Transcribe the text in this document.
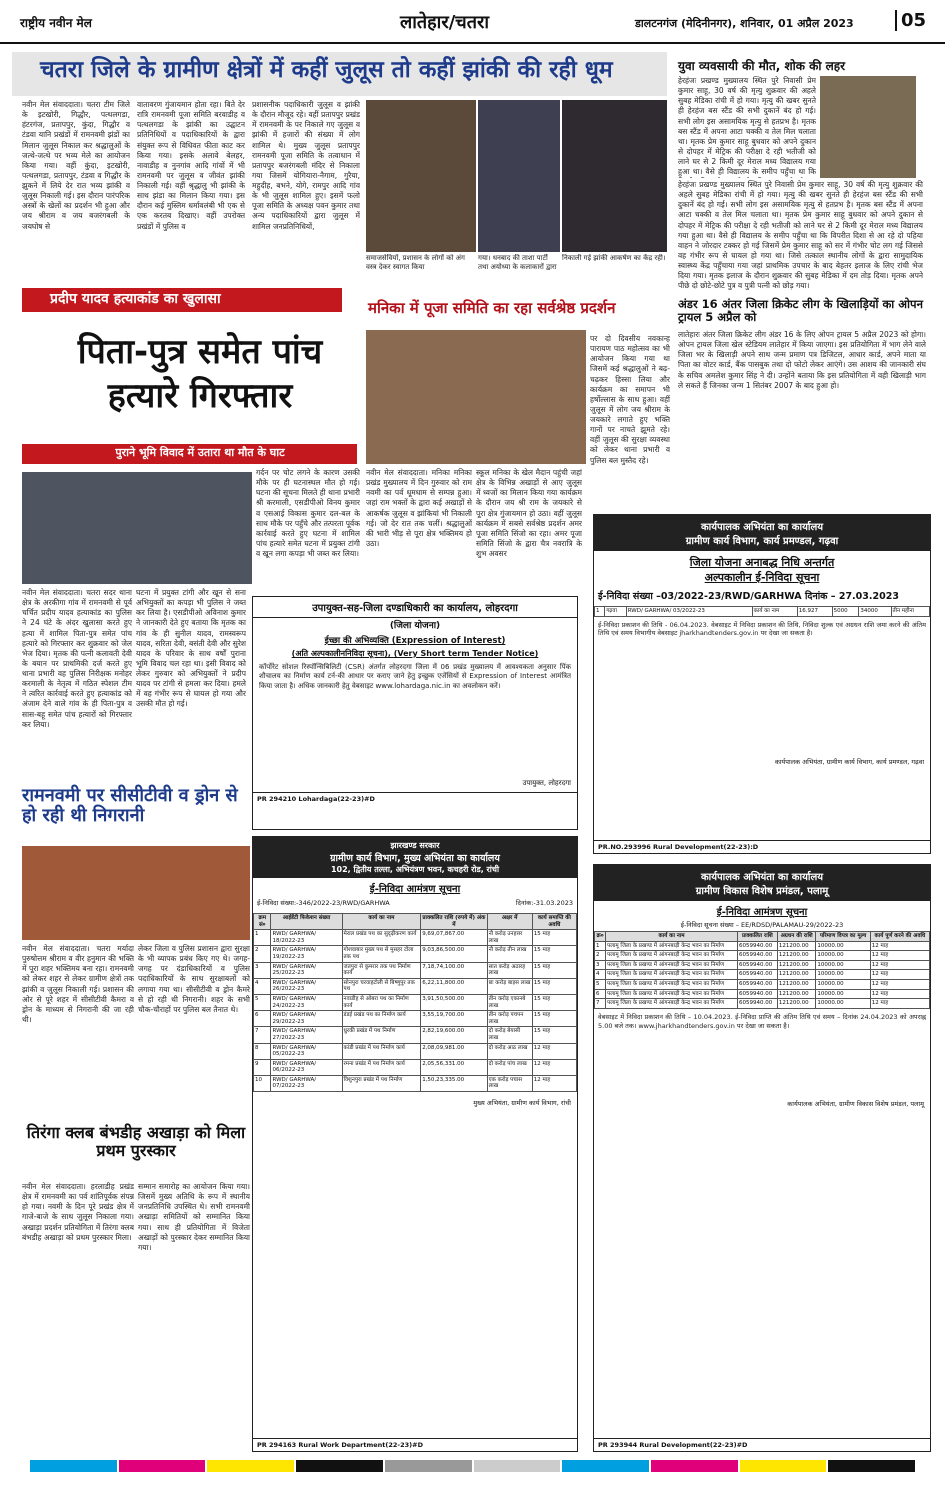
राष्ट्रीय नवीन मेल	लातेहार/चतरा	डालटनगंज (मेदिनीनगर), शनिवार, 01 अप्रैल 2023	05
चतरा जिले के ग्रामीण क्षेत्रों में कहीं जुलूस तो कहीं झांकी की रही धूम
नवीन मेल संवाददाता। चतरा टीम जिले के इटखोरी, गिद्धौर, पत्थलगडा, हंटरगंज, प्रतापपुर, कुंदा, गिद्धौर व टंडवा यानि प्रखंडों में रामनवमी झंडों का मिलान जुलूस निकाल कर श्रद्धालुओं के जत्थे-जत्थे पर भव्य मेले का आयोजन किया गया। वहीं कुंदा, इटखोरी, पत्थलगडा, प्रतापपुर, टंडवा व गिद्धौर के झुकने में लिये देर रात भव्य झांकी व जुलूस निकाली गई। इस दौरान पारंपरिक अस्त्रों के खेलों का प्रदर्शन भी हुआ और जय श्रीराम व जय बजरंगबली के जयघोष से
वातावरण गुंजायमान होता रहा। बिते देर रात्रि रामनवमी पूजा समिति बरवाडीह व पत्थलगडा के झांकी का उद्घाटन प्रतिनिधियों व पदाधिकारियों के द्वारा संयुक्त रूप से विधिवत फीता काट कर किया गया। इसके अलावे बेलहर, नावाडीह व नुनगांव आदि गांवों में भी रामनवमी पर जुलूस व जीवंत झांकी निकाली गई। वहीं श्रृद्धालु भी झांकी के साथ झंडा का मिलान किया गया। इस दौरान कई मुस्लिम धर्मावलंबी भी एक से एक करतब दिखाए। वहीं उपरोक्त प्रखंडों में पुलिस व
प्रशासनीक पदाधिकारी जुलूस व झांकी के दौरान मौजूद रहे। वहीं प्रतापपुर प्रखंड में रामनवमी के पर निकाले गए जुलूस व झांकी में हजारों की संख्या में लोग शामिल थे। मुख्य जुलूस प्रतापपुर रामनवमी पूजा समिति के तत्वाधान में प्रतापपुर बजरंगबली मंदिर से निकाला गया जिसमें योगियारा-नैगाम, गुरैया, महुदीह, बभने, योगे, रामपुर आदि गांव के भी जुलूस शामिल हुए। इसमें फलो पूजा समिति के अध्यक्ष पवन कुमार तथा अन्य पदाधिकारियों द्वारा जुलूस में शामिल जनप्रतिनिधियों,
समाजसेवियों, प्रशासन के लोगों को अंग वस्त्र देकर स्वागत किया
गया। धनबाद की ताशा पार्टी तथा अयोध्या के कलाकारों द्वारा
निकाली गई झांकी आकर्षण का केंद्र रही।
युवा व्यवसायी की मौत, शोक की लहर
हेरहंजः प्रखण्ड मुख्यालय स्थित पुरे निवासी प्रेम कुमार साहू, 30 वर्ष की मृत्यु शुक्रवार की अहले सुबह मेडिका रांची में हो गया। मृत्यु की खबर सुनते ही हेरहंज बस स्टैंड की सभी दुकानें बंद हो गई। सभी लोग इस असामयिक मृत्यु से हतप्रभ है। मृतक बस स्टैंड में अपना आटा चक्की व तेल मिल चलाता था। मृतक प्रेम कुमार साहू बुधवार को अपने दुकान से दोपहर में मेट्रिक की परीक्षा दे रही भतीजी को लाने घर से 2 किमी दूर मेराल मध्य विद्यालय गया हुआ था। वैसे ही विद्यालय के समीप पहुँचा था कि
हेरहंजः प्रखण्ड मुख्यालय स्थित पुरे निवासी प्रेम कुमार साहू, 30 वर्ष की मृत्यु शुक्रवार की अहले सुबह मेडिका रांची में हो गया। मृत्यु की खबर सुनते ही हेरहंज बस स्टैंड की सभी दुकानें बंद हो गई। सभी लोग इस असामयिक मृत्यु से हतप्रभ है। मृतक बस स्टैंड में अपना आटा चक्की व तेल मिल चलाता था। मृतक प्रेम कुमार साहू बुधवार को अपने दुकान से दोपहर में मेट्रिक की परीक्षा दे रही भतीजी को लाने घर से 2 किमी दूर मेराल मध्य विद्यालय गया हुआ था। वैसे ही विद्यालय के समीप पहुँचा था कि विपरीत दिशा से आ रहे दो पहिया वाहन ने जोरदार टक्कर हो गई जिसमें प्रेम कुमार साहू को सर में गंभीर चोट लग गई जिससे वह गंभीर रूप से घायल हो गया था। जिसे तत्काल स्थानीय लोगों के द्वारा सामुदायिक स्वास्थ्य केंद्र पहुँचाया गया जहां प्राथमिक उपचार के बाद बेहतर इलाज के लिए रांची भेज दिया गया। मृतक इलाज के दौरान शुक्रवार की सुबह मेडिका में दम तोड़ दिया। मृतक अपने पीछे दो छोटे-छोटे पुत्र व पुत्री पत्नी को छोड़ गया।
अंडर 16 अंतर जिला क्रिकेट लीग के खिलाड़ियों का ओपन ट्रायल 5 अप्रैल को
लातेहारः अंतर जिला क्रिकेट लीग अंडर 16 के लिए ओपन ट्रायल 5 अप्रैल 2023 को होगा। ओपन ट्रायल जिला खेल स्टेडियम लातेहार में किया जाएगा। इस प्रतियोगिता में भाग लेने वाले जिला भर के खिलाड़ी अपने साथ जन्म प्रमाण पत्र डिजिटल, आधार कार्ड, अपने माता या पिता का वोटर कार्ड, बैंक पासबुक तथा दो फोटो लेकर आएंगे। उस आशय की जानकारी संघ के सचिव अमलेश कुमार सिंह ने दी। उन्होंने बताया कि इस प्रतियोगिता में वही खिलाड़ी भाग ले सकते हैं जिनका जन्म 1 सितंबर 2007 के बाद हुआ हो।
प्रदीप यादव हत्याकांड का खुलासा
पिता-पुत्र समेत पांच
हत्यारे गिरफ्तार
पुराने भूमि विवाद में उतारा था मौत के घाट
गर्दन पर चोट लगने के कारण उसकी मौके पर ही घटनास्थल मौत हो गई। घटना की सूचना मिलते ही थाना प्रभारी श्री करमाली, एसडीपीओ विनय कुमार व एसआई विकास कुमार दल-बल के साथ मौके पर पहुँचे और तत्परता पूर्वक कार्रवाई करते हुए घटना में शामिल पांच हत्यारे समेत घटना में प्रयुक्त टांगी व खून लगा कपड़ा भी जब्त कर लिया।
नवीन मेल संवाददाता। चतरा सदर थाना क्षेत्र के अरकीगा गांव में रामनवमी से पूर्व चर्चित प्रदीप यादव हत्याकांड का पुलिस ने 24 घंटे के अंदर खुलासा करते हुए हत्या में शामिल पिता-पुत्र समेत पांच हत्यारे को गिरफ्तार कर शुक्रवार को जेल भेज दिया। मृतक की पत्नी कलावती देवी के बयान पर प्राथमिकी दर्ज करते हुए थाना प्रभारी वह पुलिस निरीक्षक मनोहर करमाली के नेतृत्व में गठित स्पेशल टीम ने त्वरित कार्रवाई करते हुए हत्याकांड को अंजाम देने वाले गांव के ही पिता-पुत्र व सास-बहू समेत पांच हत्यारों को गिरफ्तार कर लिया।
घटना में प्रयुक्त टांगी और खून से सना अभियुक्तों का कपड़ा भी पुलिस ने जब्त कर लिया है। एसडीपीओ अविनाश कुमार ने जानकारी देते हुए बताया कि मृतक का गांव के ही सुनील यादव, रामस्वरूप यादव, सरिता देवी, बसंती देवी और सुरेश यादव के परिवार के साथ वर्षों पुराना भूमि विवाद चल रहा था। इसी विवाद को लेकर गुरुवार को अभियुक्तों ने प्रदीप यादव पर टांगी से हमला कर दिया। हमले में वह गंभीर रूप से घायल हो गया और उसकी मौत हो गई।
मनिका में पूजा समिति का रहा सर्वश्रेष्ठ प्रदर्शन
पर दो दिवसीय नवकान्ह पारायण पाठ महोत्सव का भी आयोजन किया गया था जिसमें कई श्रद्धालुओं ने बढ़-चढ़कर हिस्सा लिया और कार्यक्रम का समापन भी हर्षोल्लास के साथ हुआ। वहीं जुलूस में लोग जय श्रीराम के जयकारे लगाते हुए भक्ति गानों पर नाचते झूमते रहे। वहीं जुलूस की सुरक्षा व्यवस्था को लेकर थाना प्रभारी व पुलिस बल मुस्तैद रहे।
नवीन मेल संवाददाता। मनिका मनिका प्रखंड मुख्यालय में दिन गुरुवार को राम नवमी का पर्व धूमधाम से सम्पन्न हुआ। जहां राम भक्तों के द्वारा कई अखाड़ों से आकर्षक जुलूस व झांकियां भी निकाली गई। जो देर रात तक चलीं। श्रद्धालुओं की भारी भीड़ से पूरा क्षेत्र भक्तिमय हो उठा।
स्कूल मनिका के खेल मैदान पहुंची जहां क्षेत्र के विभिन्न अखाड़ों से आए जुलूस में ध्वजों का मिलान किया गया कार्यक्रम के दौरान जय श्री राम के जयकारे से पूरा क्षेत्र गुंजायमान हो उठा। वहीं जुलूस कार्यक्रम में सबसे सर्वश्रेष्ठ प्रदर्शन अमर पूजा समिति सिंजो का रहा। अमर पूजा समिति सिंजो के द्वारा चैत्र नवरात्रि के शुभ अवसर
उपायुक्त-सह-जिला दण्डाधिकारी का कार्यालय, लोहरदगा
(जिला योजना)
ईच्छा की अभिव्यक्ति (Expression of Interest)
(अति अल्पकालीननिविदा सूचना), (Very Short term Tender Notice)
कॉर्पोरेट सोशल रिस्पॉन्सिबिलिटी (CSR) अंतर्गत लोहरदगा जिला में 06 प्रखंड मुख्यालय में आवश्यकता अनुसार पिंक शौचालय का निर्माण कार्य टर्न-की आधार पर कराए जाने हेतु इच्छुक एजेंसियों से Expression of Interest आमंत्रित किया जाता है। अधिक जानकारी हेतु वेबसाइट www.lohardaga.nic.in का अवलोकन करें।
उपायुक्त, लोहरदगा
PR 294210 Lohardaga(22-23)#D
रामनवमी पर सीसीटीवी व ड्रोन से हो रही थी निगरानी
नवीन मेल संवाददाता। चतरा मर्यादा पुरुषोत्तम श्रीराम व वीर हनुमान की भक्ति में पूरा शहर भक्तिमय बना रहा। रामनवमी को लेकर शहर से लेकर ग्रामीण क्षेत्रों तक झांकी व जुलूस निकाली गई। प्रशासन की ओर से पूरे शहर में सीसीटीवी कैमरा व ड्रोन के माध्यम से निगरानी की जा रही थी।
लेकर जिला व पुलिस प्रशासन द्वारा सुरक्षा के भी व्यापक प्रबंध किए गए थे। जगह-जगह पर दंडाधिकारियों व पुलिस पदाधिकारियों के साथ सुरक्षाबलों को लगाया गया था। सीसीटीवी व ड्रोन कैमरे से हो रही थी निगरानी। शहर के सभी चौक-चौराहों पर पुलिस बल तैनात थे।
तिरंगा क्लब बंभडीह अखाड़ा को मिला प्रथम पुरस्कार
नवीन मेल संवाददाता। हरलाडीह प्रखंड क्षेत्र में रामनवमी का पर्व शांतिपूर्वक संपन्न हो गया। नवमी के दिन पूरे प्रखंड क्षेत्र में गाजे-बाजे के साथ जुलूस निकाला गया। अखाड़ा प्रदर्शन प्रतियोगिता में तिरंगा क्लब बंभडीह अखाड़ा को प्रथम पुरस्कार मिला।
सम्मान समारोह का आयोजन किया गया। जिसमें मुख्य अतिथि के रूप में स्थानीय जनप्रतिनिधि उपस्थित थे। सभी रामनवमी अखाड़ा समितियों को सम्मानित किया गया। साथ ही प्रतियोगिता में विजेता अखाड़ों को पुरस्कार देकर सम्मानित किया गया।
झारखण्ड सरकार
ग्रामीण कार्य विभाग, मुख्य अभियंता का कार्यालय
102, द्वितीय तल्ला, अभियंत्रण भवन, कचहरी रोड, रांची
ई-निविदा आमंत्रण सूचना
ई-निविदा संख्या:-346/2022-23/RWD/GARHWA	दिनांक:-31.03.2023
क्रम सं०	आईडेंटी फिकेशन संख्या	कार्य का नाम	प्राक्कलित राशि (रुपये में) अंक में	अक्षर में	कार्य समाप्ति की अवधि
1	RWD/ GARHWA/ 18/2022-23	मेराल प्रखंड पथ का सुदृढ़ीकरण कार्य	9,69,07,867.00	नौ करोड़ उनहत्तर लाख	15 माह
2	RWD/ GARHWA/ 19/2022-23	गोशवाबार मुख्य पथ से मुसहर टोला तक पथ	9,03,86,500.00	नौ करोड़ तीन लाख	15 माह
3	RWD/ GARHWA/ 25/2022-23	जतपुरा से कुमरार तक पथ निर्माण कार्य	7,18,74,100.00	सात करोड़ अठारह लाख	15 माह
4	RWD/ GARHWA/ 26/2022-23	सोनपुरा चरवाहटोली से बिष्णुपुर तक पथ	6,22,11,800.00	छः करोड़ बाइस लाख	15 माह
5	RWD/ GARHWA/ 24/2022-23	नवाडीह से ओबरा पथ का निर्माण कार्य	3,91,50,500.00	तीन करोड़ एकानबे लाख	15 माह
6	RWD/ GARHWA/ 29/2022-23	डंडई प्रखंड पथ का निर्माण कार्य	3,55,19,700.00	तीन करोड़ पचपन लाख	15 माह
7	RWD/ GARHWA/ 27/2022-23	धुरकी प्रखंड में पथ निर्माण	2,82,19,600.00	दो करोड़ बेयासी लाख	15 माह
8	RWD/ GARHWA/ 05/2022-23	कांडी प्रखंड में पथ निर्माण कार्य	2,08,09,981.00	दो करोड़ आठ लाख	12 माह
9	RWD/ GARHWA/ 06/2022-23	रमना प्रखंड में पथ निर्माण कार्य	2,05,56,331.00	दो करोड़ पांच लाख	12 माह
10	RWD/ GARHWA/ 07/2022-23	विशुनपुरा प्रखंड में पथ निर्माण	1,50,23,335.00	एक करोड़ पचास लाख	12 माह
मुख्य अभियंता, ग्रामीण कार्य विभाग, रांची
PR 294163 Rural Work Department(22-23)#D
कार्यपालक अभियंता का कार्यालय
ग्रामीण कार्य विभाग, कार्य प्रमण्डल, गढ़वा
जिला योजना अनाबद्ध निधि अन्तर्गत
अल्पकालीन ई-निविदा सूचना
ई-निविदा संख्या –03/2022-23/RWD/GARHWA दिनांक – 27.03.2023
1	गढ़वा	RWD/ GARHWA/ 03/2022-23	कार्य का नाम	16.927	5000	34000	तीन महीना
ई-निविदा प्रकाशन की तिथि - 06.04.2023. वेबसाइट में निविदा प्रकाशन की तिथि, निविदा शुल्क एवं अग्रधन राशि जमा करने की अंतिम तिथि एवं समय विभागीय वेबसाइट jharkhandtenders.gov.in पर देखा जा सकता है।
कार्यपालक अभियंता, ग्रामीण कार्य विभाग, कार्य प्रमण्डल, गढ़वा
PR.NO.293996 Rural Development(22-23):D
कार्यपालक अभियंता का कार्यालय
ग्रामीण विकास विशेष प्रमंडल, पलामू
ई-निविदा आमंत्रण सूचना
ई-निविदा सूचना संख्या – EE/RDSD/PALAMAU-29/2022-23
क्र०	कार्य का नाम	प्राक्कलित राशि	अग्रधन की राशि	परिमाण विपत्र का मूल्य	कार्य पूर्ण करने की अवधि
1	पलामू जिला के प्रखण्ड में आंगनबाड़ी केन्द्र भवन का निर्माण	6059940.00	121200.00	10000.00	12 माह
2	पलामू जिला के प्रखण्ड में आंगनबाड़ी केन्द्र भवन का निर्माण	6059940.00	121200.00	10000.00	12 माह
3	पलामू जिला के प्रखण्ड में आंगनबाड़ी केन्द्र भवन का निर्माण	6059940.00	121200.00	10000.00	12 माह
4	पलामू जिला के प्रखण्ड में आंगनबाड़ी केन्द्र भवन का निर्माण	6059940.00	121200.00	10000.00	12 माह
5	पलामू जिला के प्रखण्ड में आंगनबाड़ी केन्द्र भवन का निर्माण	6059940.00	121200.00	10000.00	12 माह
6	पलामू जिला के प्रखण्ड में आंगनबाड़ी केन्द्र भवन का निर्माण	6059940.00	121200.00	10000.00	12 माह
7	पलामू जिला के प्रखण्ड में आंगनबाड़ी केन्द्र भवन का निर्माण	6059940.00	121200.00	10000.00	12 माह
वेबसाइट में निविदा प्रकाशन की तिथि – 10.04.2023. ई-निविदा प्राप्ति की अंतिम तिथि एवं समय – दिनांक 24.04.2023 को अपराह्न 5.00 बजे तक। www.jharkhandtenders.gov.in पर देखा जा सकता है।
कार्यपालक अभियंता, ग्रामीण विकास विशेष प्रमंडल, पलामू
PR 293944 Rural Development(22-23)#D
